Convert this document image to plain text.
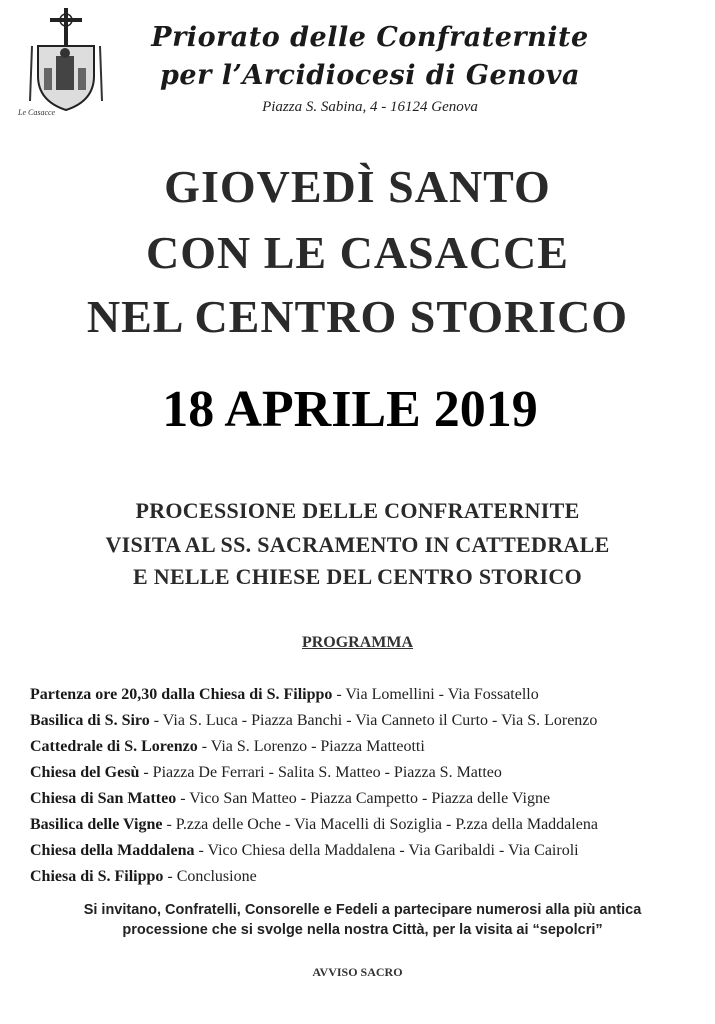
Le Casacce
Priorato delle Confraternite
per l’Arcidiocesi di Genova
Piazza S. Sabina, 4 - 16124 Genova
GIOVEDÌ SANTO
CON LE CASACCE
NEL CENTRO STORICO
18 APRILE 2019
PROCESSIONE DELLE CONFRATERNITE
VISITA AL SS. SACRAMENTO IN CATTEDRALE
E NELLE CHIESE DEL CENTRO STORICO
PROGRAMMA
Partenza ore 20,30 dalla Chiesa di S. Filippo - Via Lomellini - Via Fossatello
Basilica di S. Siro - Via S. Luca - Piazza Banchi - Via Canneto il Curto - Via S. Lorenzo
Cattedrale di S. Lorenzo - Via S. Lorenzo - Piazza Matteotti
Chiesa del Gesù - Piazza De Ferrari - Salita S. Matteo - Piazza S. Matteo
Chiesa di San Matteo - Vico San Matteo - Piazza Campetto - Piazza delle Vigne
Basilica delle Vigne - P.zza delle Oche - Via Macelli di Soziglia - P.zza della Maddalena
Chiesa della Maddalena - Vico Chiesa della Maddalena - Via Garibaldi - Via Cairoli
Chiesa di S. Filippo - Conclusione
Si invitano, Confratelli, Consorelle e Fedeli a partecipare numerosi alla più antica
processione che si svolge nella nostra Città, per la visita ai “sepolcri”
AVVISO SACRO
